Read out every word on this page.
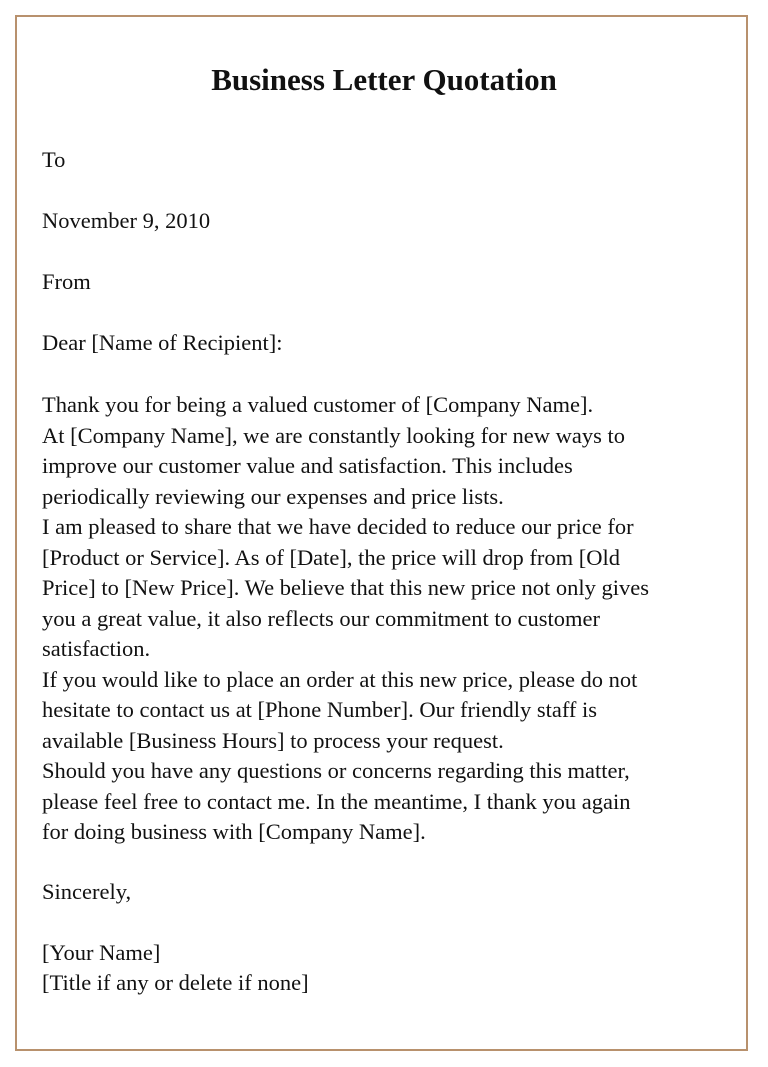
Business Letter Quotation

To

November 9, 2010

From

Dear [Name of Recipient]:

Thank you for being a valued customer of [Company Name].
At [Company Name], we are constantly looking for new ways to
improve our customer value and satisfaction. This includes
periodically reviewing our expenses and price lists.
I am pleased to share that we have decided to reduce our price for
[Product or Service]. As of [Date], the price will drop from [Old
Price] to [New Price]. We believe that this new price not only gives
you a great value, it also reflects our commitment to customer
satisfaction.
If you would like to place an order at this new price, please do not
hesitate to contact us at [Phone Number]. Our friendly staff is
available [Business Hours] to process your request.
Should you have any questions or concerns regarding this matter,
please feel free to contact me. In the meantime, I thank you again
for doing business with [Company Name].

Sincerely,

[Your Name]

[Title if any or delete if none]
